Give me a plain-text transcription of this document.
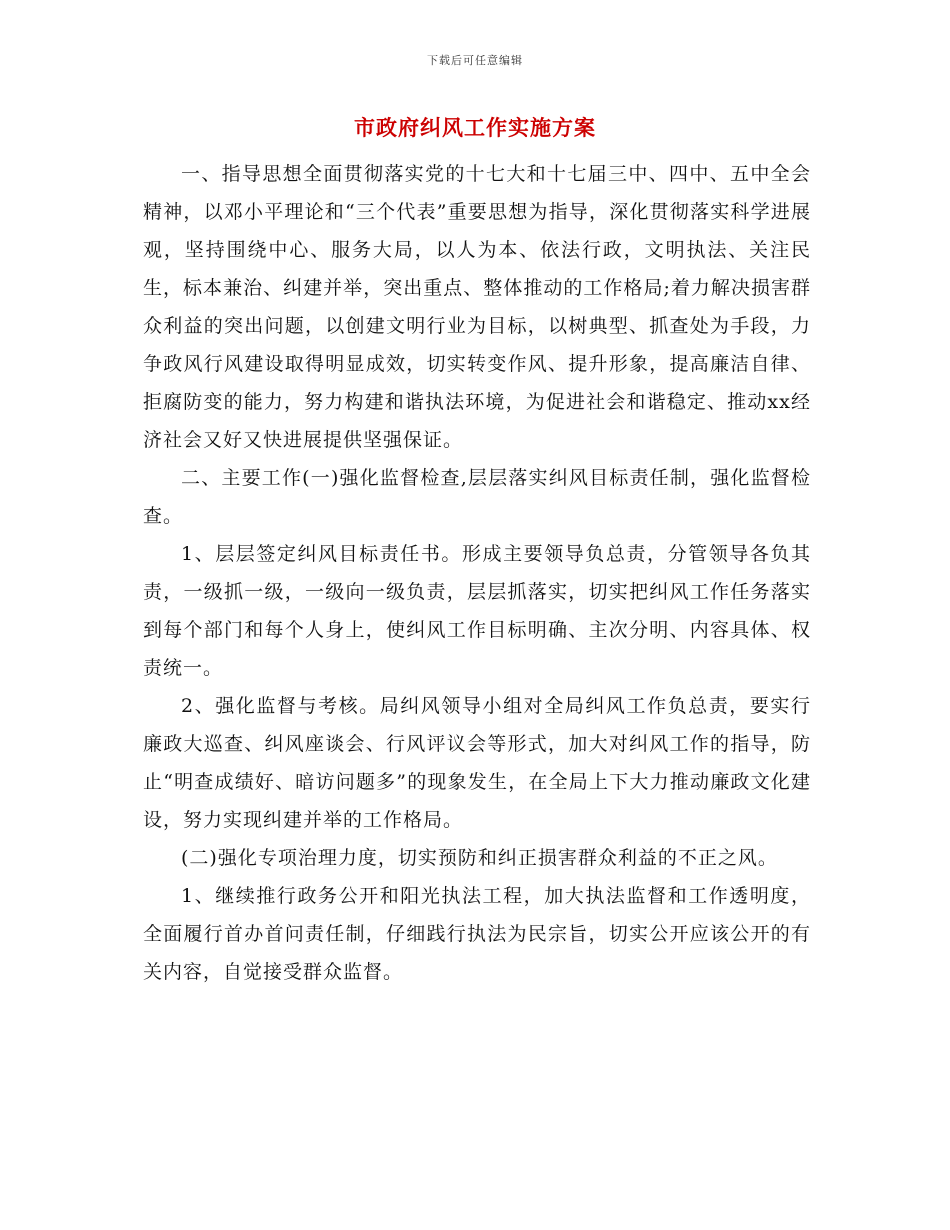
下载后可任意编辑
市政府纠风工作实施方案

一、指导思想全面贯彻落实党的十七大和十七届三中、四中、五中全会精神，以邓小平理论和“三个代表”重要思想为指导，深化贯彻落实科学进展观，坚持围绕中心、服务大局，以人为本、依法行政，文明执法、关注民生，标本兼治、纠建并举，突出重点、整体推动的工作格局;着力解决损害群众利益的突出问题，以创建文明行业为目标，以树典型、抓查处为手段，力争政风行风建设取得明显成效，切实转变作风、提升形象，提高廉洁自律、拒腐防变的能力，努力构建和谐执法环境，为促进社会和谐稳定、推动xx经济社会又好又快进展提供坚强保证。

二、主要工作(一)强化监督检查,层层落实纠风目标责任制，强化监督检查。

1、层层签定纠风目标责任书。形成主要领导负总责，分管领导各负其责，一级抓一级，一级向一级负责，层层抓落实，切实把纠风工作任务落实到每个部门和每个人身上，使纠风工作目标明确、主次分明、内容具体、权责统一。

2、强化监督与考核。局纠风领导小组对全局纠风工作负总责，要实行廉政大巡查、纠风座谈会、行风评议会等形式，加大对纠风工作的指导，防止“明查成绩好、暗访问题多”的现象发生，在全局上下大力推动廉政文化建设，努力实现纠建并举的工作格局。

(二)强化专项治理力度，切实预防和纠正损害群众利益的不正之风。

1、继续推行政务公开和阳光执法工程，加大执法监督和工作透明度，全面履行首办首问责任制，仔细践行执法为民宗旨，切实公开应该公开的有关内容，自觉接受群众监督。
